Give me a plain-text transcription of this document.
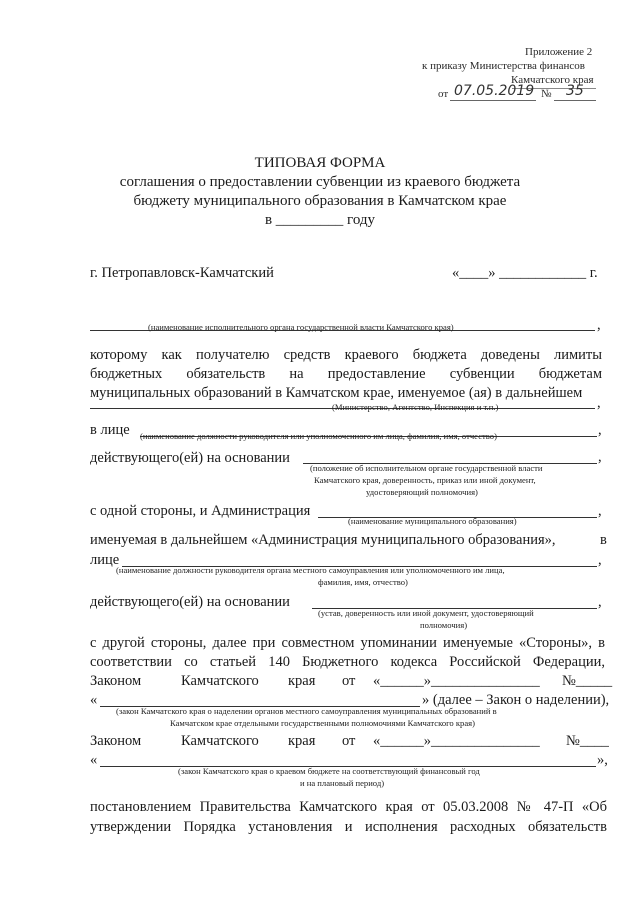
Приложение 2
к приказу Министерства финансов
Камчатского края
от 07.05.2019 № 35
ТИПОВАЯ ФОРМА
соглашения о предоставлении субвенции из краевого бюджета
бюджету муниципального образования в Камчатском крае
в _________ году
г. Петропавловск-Камчатский	«____» ____________ г.
,
(наименование исполнительного органа государственной власти Камчатского края)
которому как получателю средств краевого бюджета доведены лимиты
бюджетных обязательств на предоставление субвенции бюджетам
муниципальных образований в Камчатском крае, именуемое (ая) в дальнейшем
,
(Министерство, Агентство, Инспекция и т.п.)
в лице	,
(наименование должности руководителя или уполномоченного им лица, фамилия, имя, отчество)
действующего(ей) на основании	,
(положение об исполнительном органе государственной власти
Камчатского края, доверенность, приказ или иной документ,
удостоверяющий полномочия)
с одной стороны, и Администрация	,
(наименование муниципального образования)
именуемая в дальнейшем «Администрация муниципального образования»,	в
лице	,
(наименование должности руководителя органа местного самоуправления или уполномоченного им лица,
фамилия, имя, отчество)
действующего(ей) на основании	,
(устав, доверенность или иной документ, удостоверяющий
полномочия)
с другой стороны, далее при совместном упоминании именуемые «Стороны», в
соответствии со статьей 140 Бюджетного кодекса Российской Федерации,
Законом	Камчатского края от «______»_______________ №_____
«	» (далее – Закон о наделении),
(закон Камчатского края о наделении органов местного самоуправления муниципальных образований в
Камчатском крае отдельными государственными полномочиями Камчатского края)
Законом	Камчатского края от «______»_______________ №____
«	»,
(закон Камчатского края о краевом бюджете на соответствующий финансовый год
и на плановый период)
постановлением Правительства Камчатского края от 05.03.2008 № 47-П «Об
утверждении Порядка установления и исполнения расходных обязательств
